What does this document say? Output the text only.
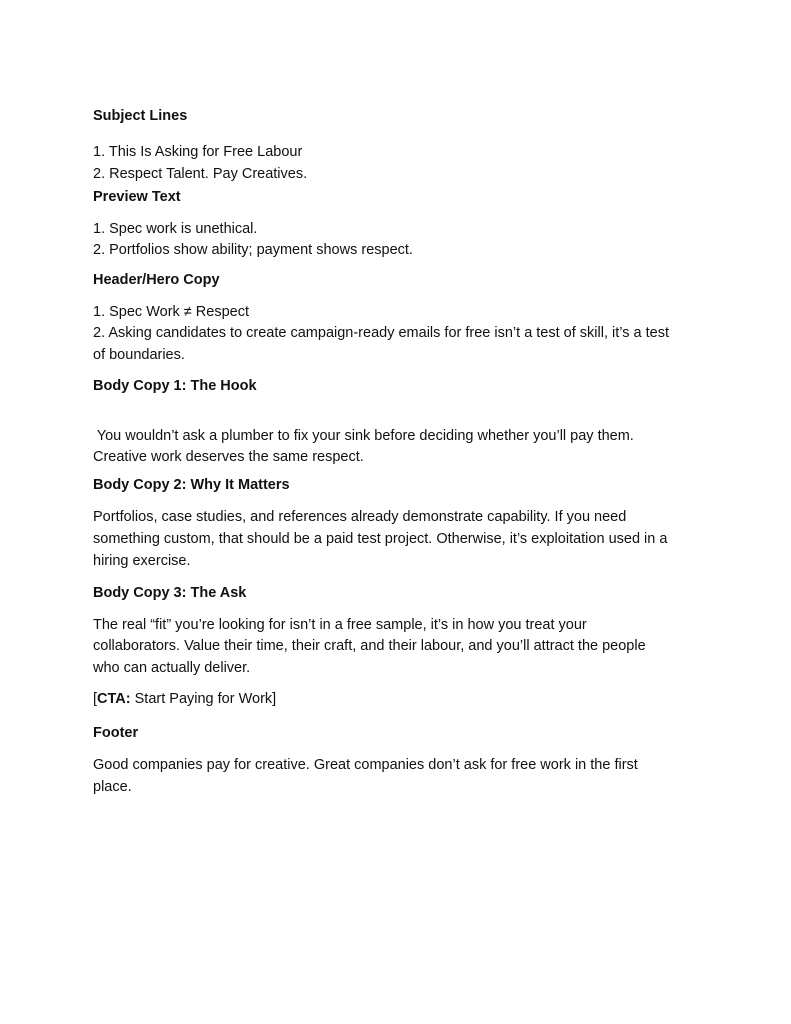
Subject Lines
1. This Is Asking for Free Labour
2. Respect Talent. Pay Creatives.
Preview Text
1. Spec work is unethical.
2. Portfolios show ability; payment shows respect.
Header/Hero Copy
1. Spec Work ≠ Respect
2. Asking candidates to create campaign-ready emails for free isn’t a test of skill, it’s a test
of boundaries.
Body Copy 1: The Hook
You wouldn’t ask a plumber to fix your sink before deciding whether you’ll pay them.
Creative work deserves the same respect.
Body Copy 2: Why It Matters
Portfolios, case studies, and references already demonstrate capability. If you need
something custom, that should be a paid test project. Otherwise, it’s exploitation used in a
hiring exercise.
Body Copy 3: The Ask
The real “fit” you’re looking for isn’t in a free sample, it’s in how you treat your
collaborators. Value their time, their craft, and their labour, and you’ll attract the people
who can actually deliver.
[CTA: Start Paying for Work]
Footer
Good companies pay for creative. Great companies don’t ask for free work in the first
place.
